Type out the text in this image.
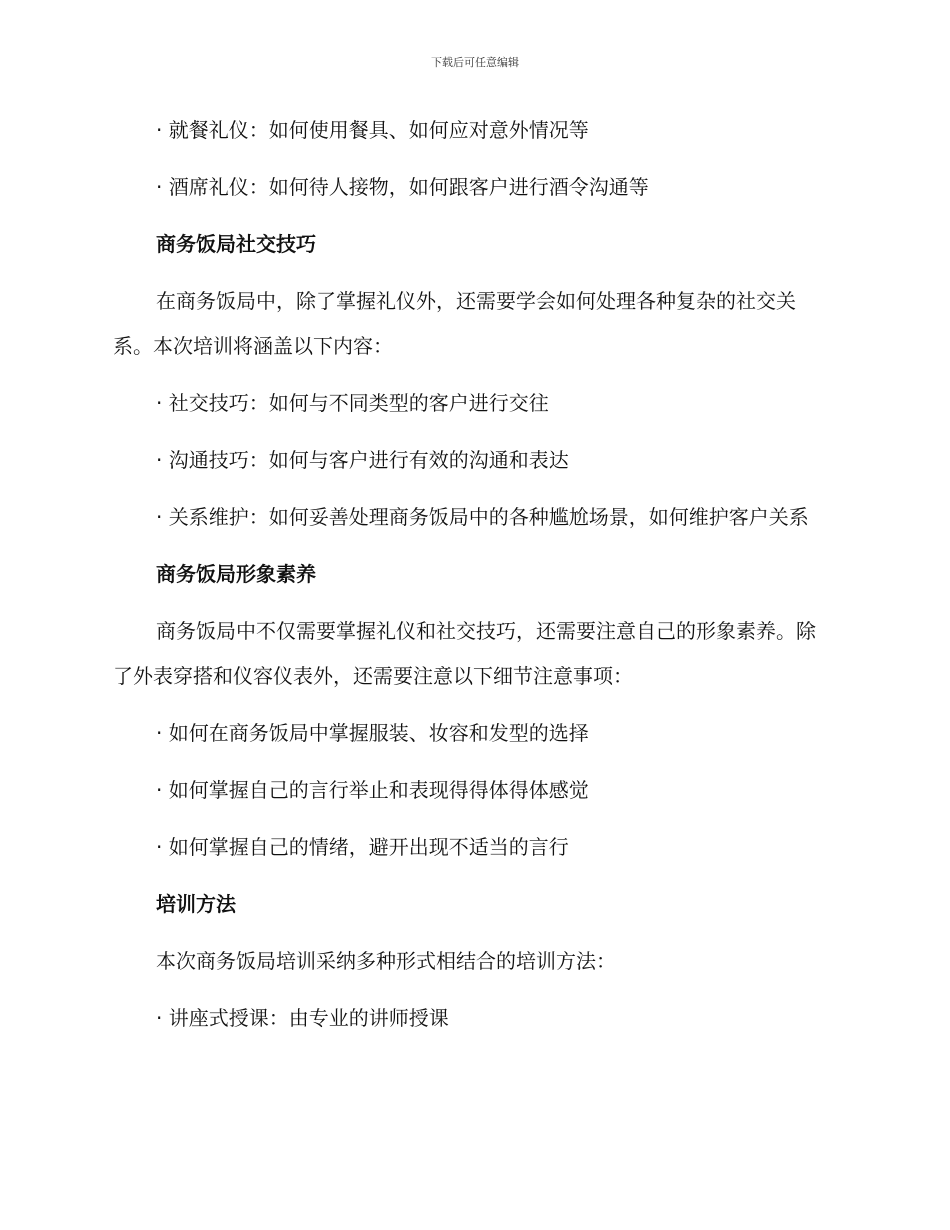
下载后可任意编辑

· 就餐礼仪：如何使用餐具、如何应对意外情况等

· 酒席礼仪：如何待人接物，如何跟客户进行酒令沟通等

商务饭局社交技巧

在商务饭局中，除了掌握礼仪外，还需要学会如何处理各种复杂的社交关系。本次培训将涵盖以下内容：

· 社交技巧：如何与不同类型的客户进行交往

· 沟通技巧：如何与客户进行有效的沟通和表达

· 关系维护：如何妥善处理商务饭局中的各种尴尬场景，如何维护客户关系

商务饭局形象素养

商务饭局中不仅需要掌握礼仪和社交技巧，还需要注意自己的形象素养。除了外表穿搭和仪容仪表外，还需要注意以下细节注意事项：

· 如何在商务饭局中掌握服装、妆容和发型的选择

· 如何掌握自己的言行举止和表现得得体得体感觉

· 如何掌握自己的情绪，避开出现不适当的言行

培训方法

本次商务饭局培训采纳多种形式相结合的培训方法：

· 讲座式授课：由专业的讲师授课
